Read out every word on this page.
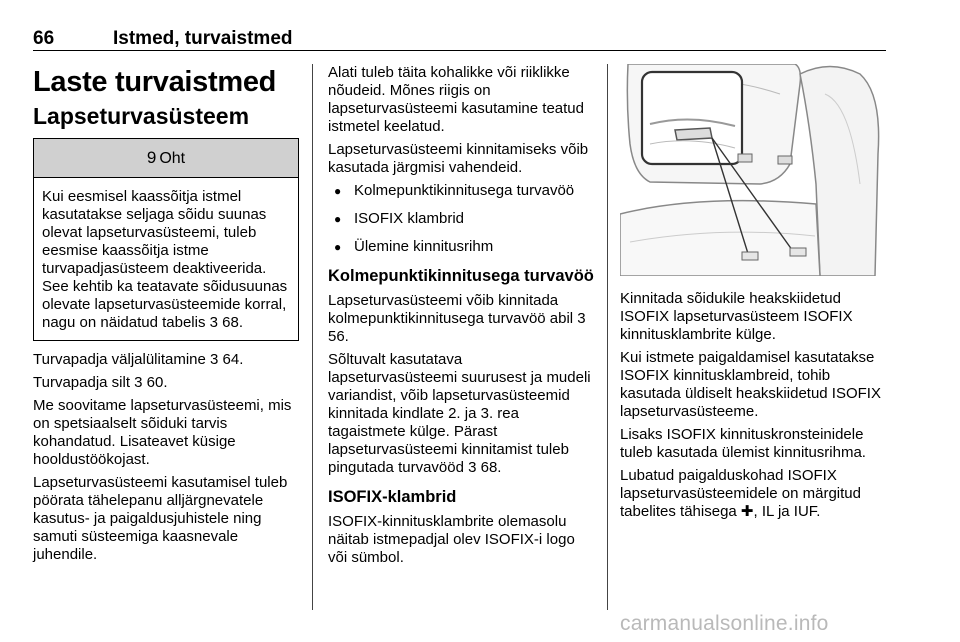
66	Istmed, turvaistmed
Laste turvaistmed
Lapseturvasüsteem
9 Oht

Kui eesmisel kaassõitja istmel kasutatakse seljaga sõidu suunas olevat lapseturvasüsteemi, tuleb eesmise kaassõitja istme turvapadjasüsteem deaktiveerida. See kehtib ka teatavate sõidusuunas olevate lapseturvasüsteemide korral, nagu on näidatud tabelis 3 68.

Turvapadja väljalülitamine 3 64.

Turvapadja silt 3 60.

Me soovitame lapseturvasüsteemi, mis on spetsiaalselt sõiduki tarvis kohandatud. Lisateavet küsige hooldustöökojast.

Lapseturvasüsteemi kasutamisel tuleb pöörata tähelepanu alljärgnevatele kasutus- ja paigaldusjuhistele ning samuti süsteemiga kaasnevale juhendile.

Alati tuleb täita kohalikke või riiklikke nõudeid. Mõnes riigis on lapseturvasüsteemi kasutamine teatud istmetel keelatud.

Lapseturvasüsteemi kinnitamiseks võib kasutada järgmisi vahendeid.

● Kolmepunktikinnitusega turvavöö
● ISOFIX klambrid
● Ülemine kinnitusrihm
Kolmepunktikinnitusega turvavöö

Lapseturvasüsteemi võib kinnitada kolmepunktikinnitusega turvavöö abil 3 56.

Sõltuvalt kasutatava lapseturvasüsteemi suurusest ja mudeli variandist, võib lapseturvasüsteemid kinnitada kindlate 2. ja 3. rea tagaistmete külge. Pärast lapseturvasüsteemi kinnitamist tuleb pingutada turvavööd 3 68.

ISOFIX-klambrid

ISOFIX-kinnitusklambrite olemasolu näitab istmepadjal olev ISOFIX-i logo või sümbol.

Kinnitada sõidukile heakskiidetud ISOFIX lapseturvasüsteem ISOFIX kinnitusklambrite külge.

Kui istmete paigaldamisel kasutatakse ISOFIX kinnitusklambreid, tohib kasutada üldiselt heakskiidetud ISOFIX lapseturvasüsteeme.

Lisaks ISOFIX kinnituskronsteinidele tuleb kasutada ülemist kinnitusrihma.

Lubatud paigalduskohad ISOFIX lapseturvasüsteemidele on märgitud tabelites tähisega ✚, IL ja IUF.

carmanualsonline.info
